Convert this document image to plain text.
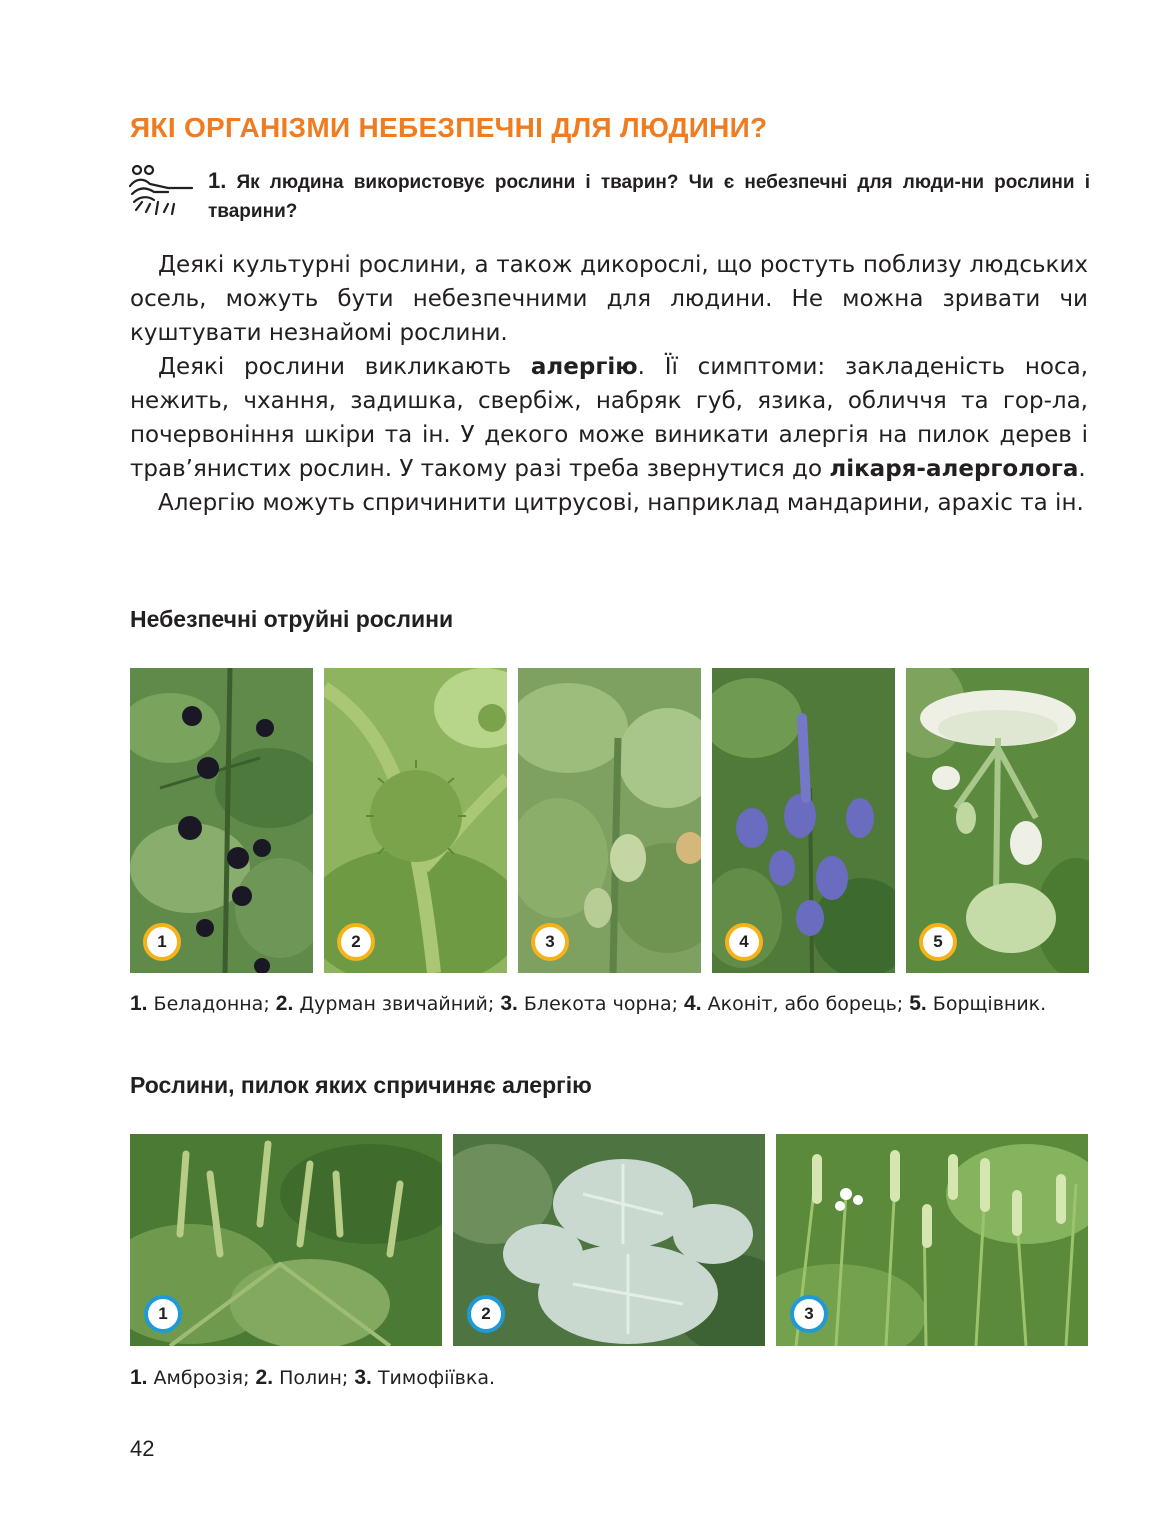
ЯКІ ОРГАНІЗМИ НЕБЕЗПЕЧНІ ДЛЯ ЛЮДИНИ?

1. Як людина використовує рослини і тварин? Чи є небезпечні для люди-ни рослини і тварини?

Деякі культурні рослини, а також дикорослі, що ростуть поблизу людських осель, можуть бути небезпечними для людини. Не можна зривати чи куштувати незнайомі рослини.

Деякі рослини викликають алергію. Її симптоми: закладеність носа, нежить, чхання, задишка, свербіж, набряк губ, язика, обличчя та гор-ла, почервоніння шкіри та ін. У декого може виникати алергія на пилок дерев і трав’янистих рослин. У такому разі треба звернутися до лікаря-алерголога.

Алергію можуть спричинити цитрусові, наприклад мандарини, арахіс та ін.

Небезпечні отруйні рослини
1	2	3	4	5

1. Беладонна; 2. Дурман звичайний; 3. Блекота чорна; 4. Аконіт, або борець; 5. Борщівник.

Рослини, пилок яких спричиняє алергію
1	2	3

1. Амброзія; 2. Полин; 3. Тимофіївка.

42
